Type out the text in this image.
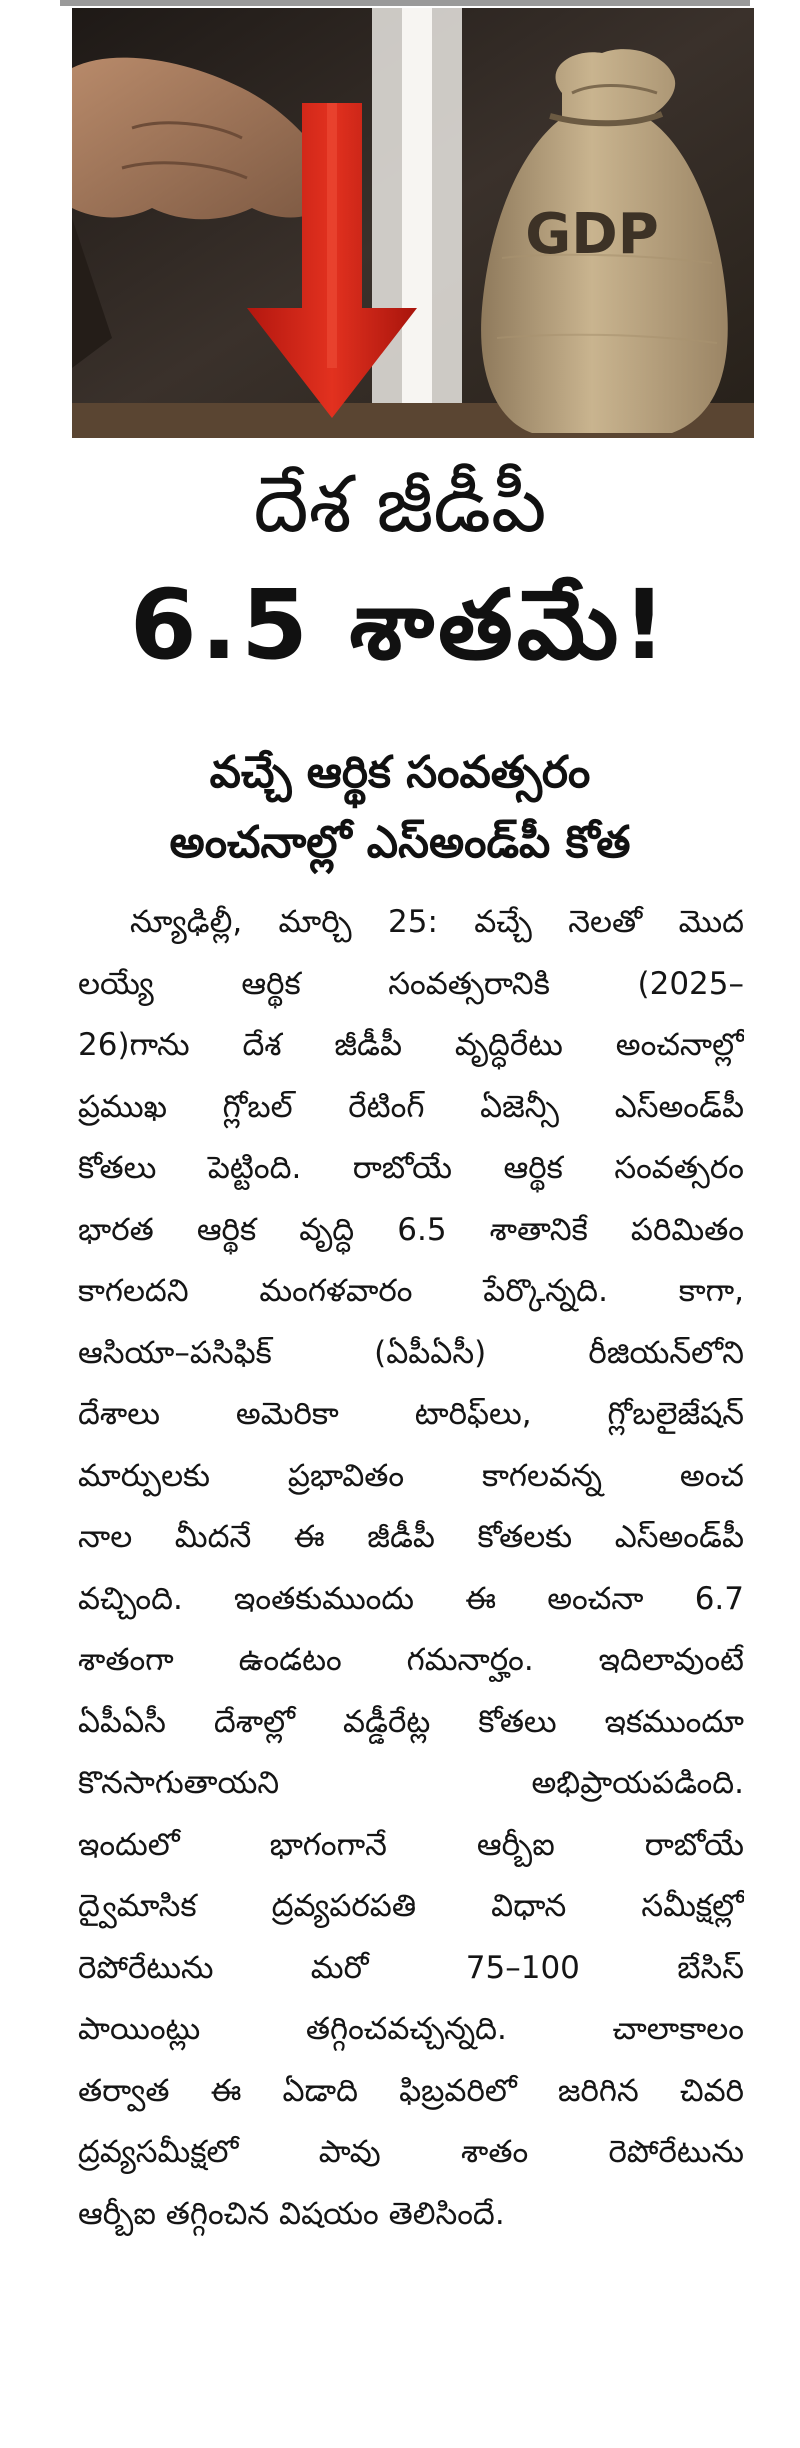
GDP
దేశ జీడీపీ
6.5 శాతమే!
వచ్చే ఆర్థిక సంవత్సరం
అంచనాల్లో ఎస్‌అండ్‌పీ కోత
న్యూఢిల్లీ, మార్చి 25: వచ్చే నెలతో మొద
లయ్యే ఆర్థిక సంవత్సరానికి (2025–
26)గాను దేశ జీడీపీ వృద్ధిరేటు అంచనాల్లో
ప్రముఖ గ్లోబల్ రేటింగ్ ఏజెన్సీ ఎస్‌అండ్‌పీ
కోతలు పెట్టింది. రాబోయే ఆర్థిక సంవత్సరం
భారత ఆర్థిక వృద్ధి 6.5 శాతానికే పరిమితం
కాగలదని మంగళవారం పేర్కొన్నది. కాగా,
ఆసియా–పసిఫిక్ (ఏపీఏసీ) రీజియన్‌లోని
దేశాలు అమెరికా టారిఫ్‌లు, గ్లోబలైజేషన్
మార్పులకు ప్రభావితం కాగలవన్న అంచ
నాల మీదనే ఈ జీడీపీ కోతలకు ఎస్‌అండ్‌పీ
వచ్చింది. ఇంతకుముందు ఈ అంచనా 6.7
శాతంగా ఉండటం గమనార్హం. ఇదిలావుంటే
ఏపీఏసీ దేశాల్లో వడ్డీరేట్ల కోతలు ఇకముందూ
కొనసాగుతాయని అభిప్రాయపడింది.
ఇందులో భాగంగానే ఆర్బీఐ రాబోయే
ద్వైమాసిక ద్రవ్యపరపతి విధాన సమీక్షల్లో
రెపోరేటును మరో 75–100 బేసిస్
పాయింట్లు తగ్గించవచ్చన్నది. చాలాకాలం
తర్వాత ఈ ఏడాది ఫిబ్రవరిలో జరిగిన చివరి
ద్రవ్యసమీక్షలో పావు శాతం రెపోరేటును
ఆర్బీఐ తగ్గించిన విషయం తెలిసిందే.
